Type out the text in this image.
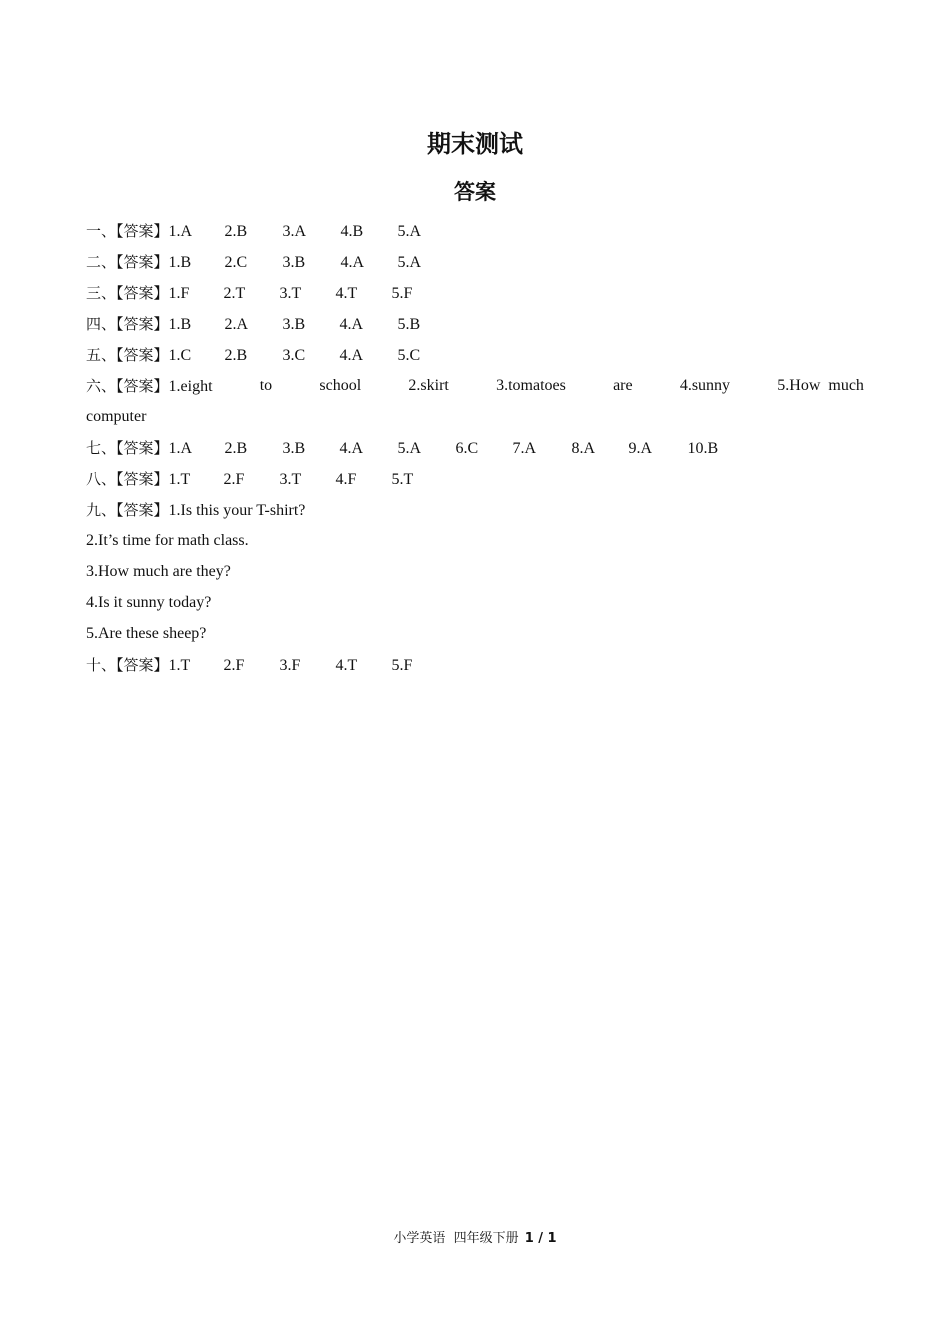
期末测试
答案
一、【答案】1.A 2.B 3.A 4.B 5.A
二、【答案】1.B 2.C 3.B 4.A 5.A
三、【答案】1.F 2.T 3.T 4.T 5.F
四、【答案】1.B 2.A 3.B 4.A 5.B
五、【答案】1.C 2.B 3.C 4.A 5.C
六、【答案】1.eight	to	school	2.skirt	3.tomatoes	are	4.sunny	5.How  much
computer
七、【答案】1.A 2.B 3.B 4.A 5.A 6.C 7.A 8.A 9.A 10.B
八、【答案】1.T 2.F 3.T 4.F 5.T
九、【答案】1.Is this your T-shirt?
2.It’s time for math class.
3.How much are they?
4.Is it sunny today?
5.Are these sheep?
十、【答案】1.T 2.F 3.F 4.T 5.F
小学英语  四年级下册 1 / 1
